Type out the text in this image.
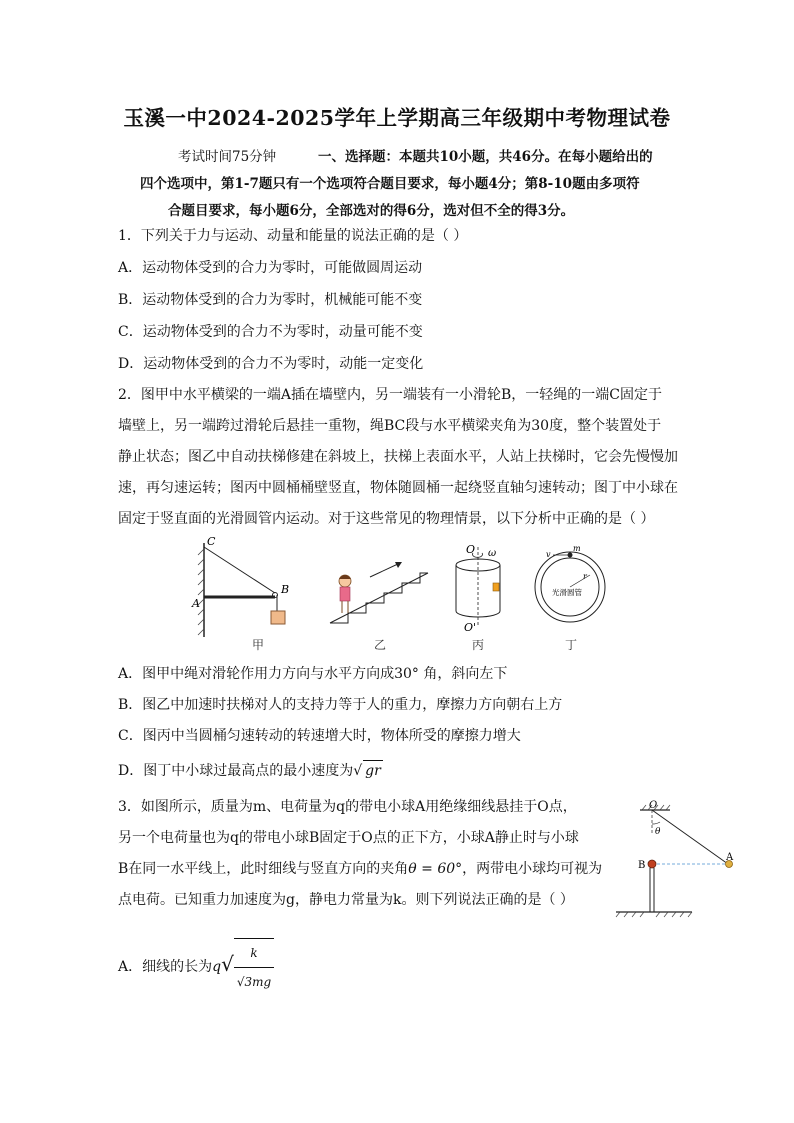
玉溪一中2024-2025学年上学期高三年级期中考物理试卷
考试时间75分钟	一、选择题：本题共10小题，共46分。在每小题给出的
四个选项中，第1-7题只有一个选项符合题目要求，每小题4分；第8-10题由多项符
合题目要求，每小题6分，全部选对的得6分，选对但不全的得3分。
1．下列关于力与运动、动量和能量的说法正确的是（ ）
A．运动物体受到的合力为零时，可能做圆周运动
B．运动物体受到的合力为零时，机械能可能不变
C．运动物体受到的合力不为零时，动量可能不变
D．运动物体受到的合力不为零时，动能一定变化
2．图甲中水平横梁的一端A插在墙壁内，另一端装有一小滑轮B，一轻绳的一端C固定于
墙壁上，另一端跨过滑轮后悬挂一重物，绳BC段与水平横梁夹角为30度，整个装置处于
静止状态；图乙中自动扶梯修建在斜坡上，扶梯上表面水平，人站上扶梯时，它会先慢慢加
速，再匀速运转；图丙中圆桶桶壁竖直，物体随圆桶一起绕竖直轴匀速转动；图丁中小球在
固定于竖直面的光滑圆管内运动。对于这些常见的物理情景，以下分析中正确的是（ ）
C
A
B
O ω
O'
m
v
r
光滑圆管
甲	乙	丙	丁
A．图甲中绳对滑轮作用力方向与水平方向成30° 角，斜向左下
B．图乙中加速时扶梯对人的支持力等于人的重力，摩擦力方向朝右上方
C．图丙中当圆桶匀速转动的转速增大时，物体所受的摩擦力增大
D．图丁中小球过最高点的最小速度为√ gr
3．如图所示，质量为m、电荷量为q的带电小球A用绝缘细线悬挂于O点，
另一个电荷量也为q的带电小球B固定于O点的正下方，小球A静止时与小球
B在同一水平线上，此时细线与竖直方向的夹角θ = 60°，两带电小球均可视为
点电荷。已知重力加速度为g，静电力常量为k。则下列说法正确的是（ ）
O
θ
A
B
A．细线的长为$q√ \frac{k}{√3mg}$
